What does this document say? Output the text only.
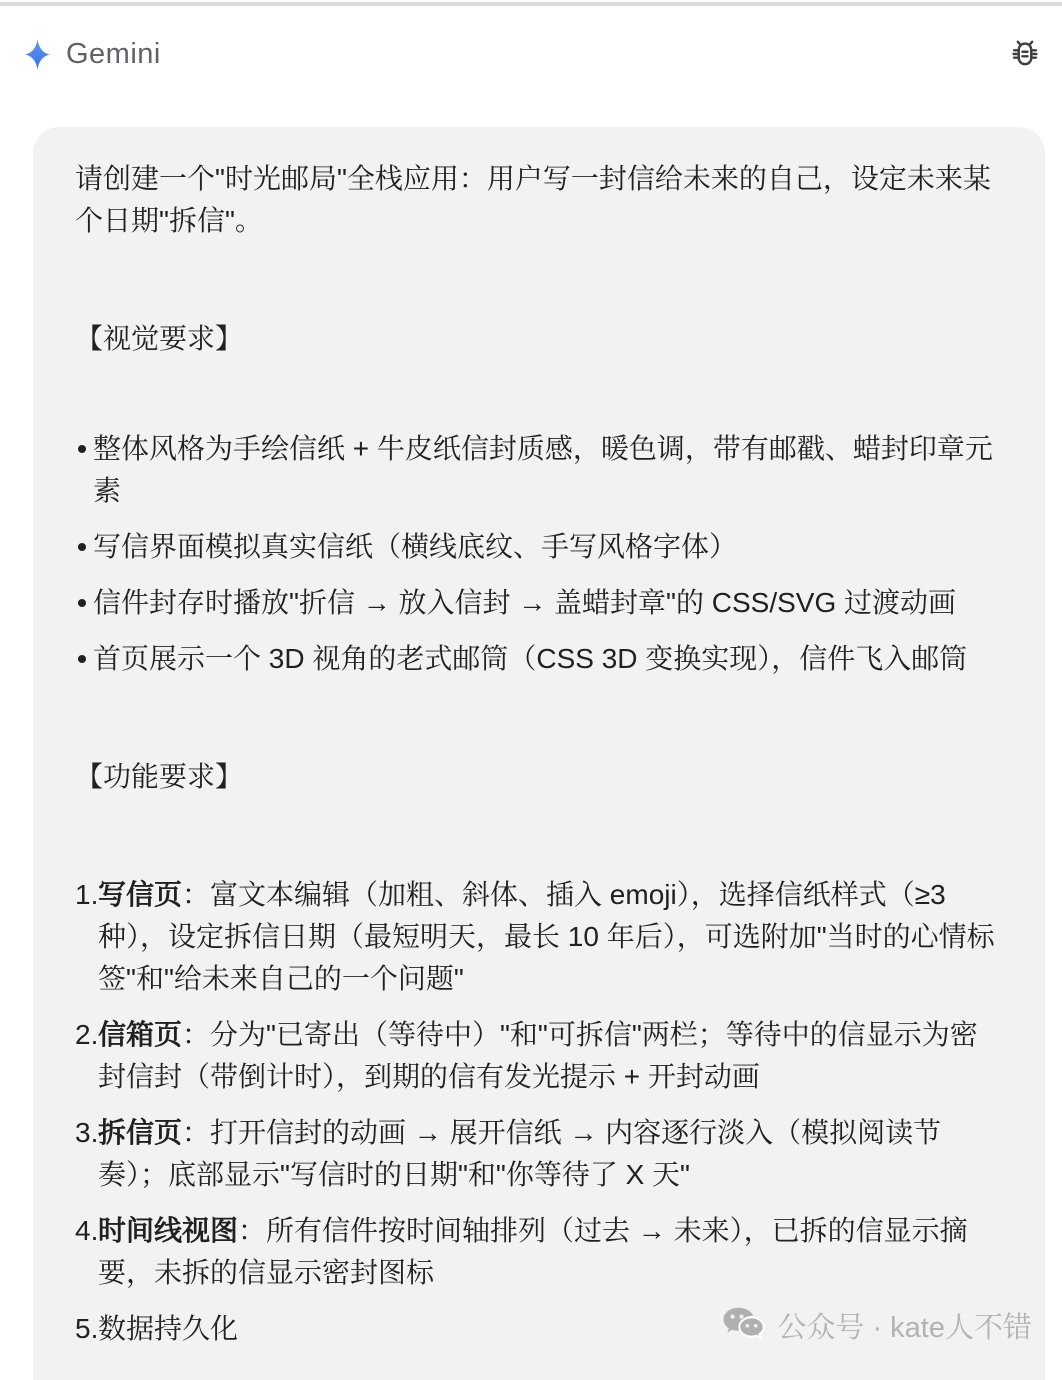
Gemini

请创建一个"时光邮局"全栈应用：用户写一封信给未来的自己，设定未来某个日期"拆信"。

【视觉要求】
整体风格为手绘信纸 + 牛皮纸信封质感，暖色调，带有邮戳、蜡封印章元素
写信界面模拟真实信纸（横线底纹、手写风格字体）
信件封存时播放"折信 → 放入信封 → 盖蜡封章"的 CSS/SVG 过渡动画
首页展示一个 3D 视角的老式邮筒（CSS 3D 变换实现），信件飞入邮筒
【功能要求】
1. 写信页：富文本编辑（加粗、斜体、插入 emoji），选择信纸样式（≥3种），设定拆信日期（最短明天，最长 10 年后），可选附加"当时的心情标签"和"给未来自己的一个问题"
2. 信箱页：分为"已寄出（等待中）"和"可拆信"两栏；等待中的信显示为密封信封（带倒计时），到期的信有发光提示 + 开封动画
3. 拆信页：打开信封的动画 → 展开信纸 → 内容逐行淡入（模拟阅读节奏）；底部显示"写信时的日期"和"你等待了 X 天"
4. 时间线视图：所有信件按时间轴排列（过去 → 未来），已拆的信显示摘要，未拆的信显示密封图标
5. 数据持久化	公众号 · kate人不错
